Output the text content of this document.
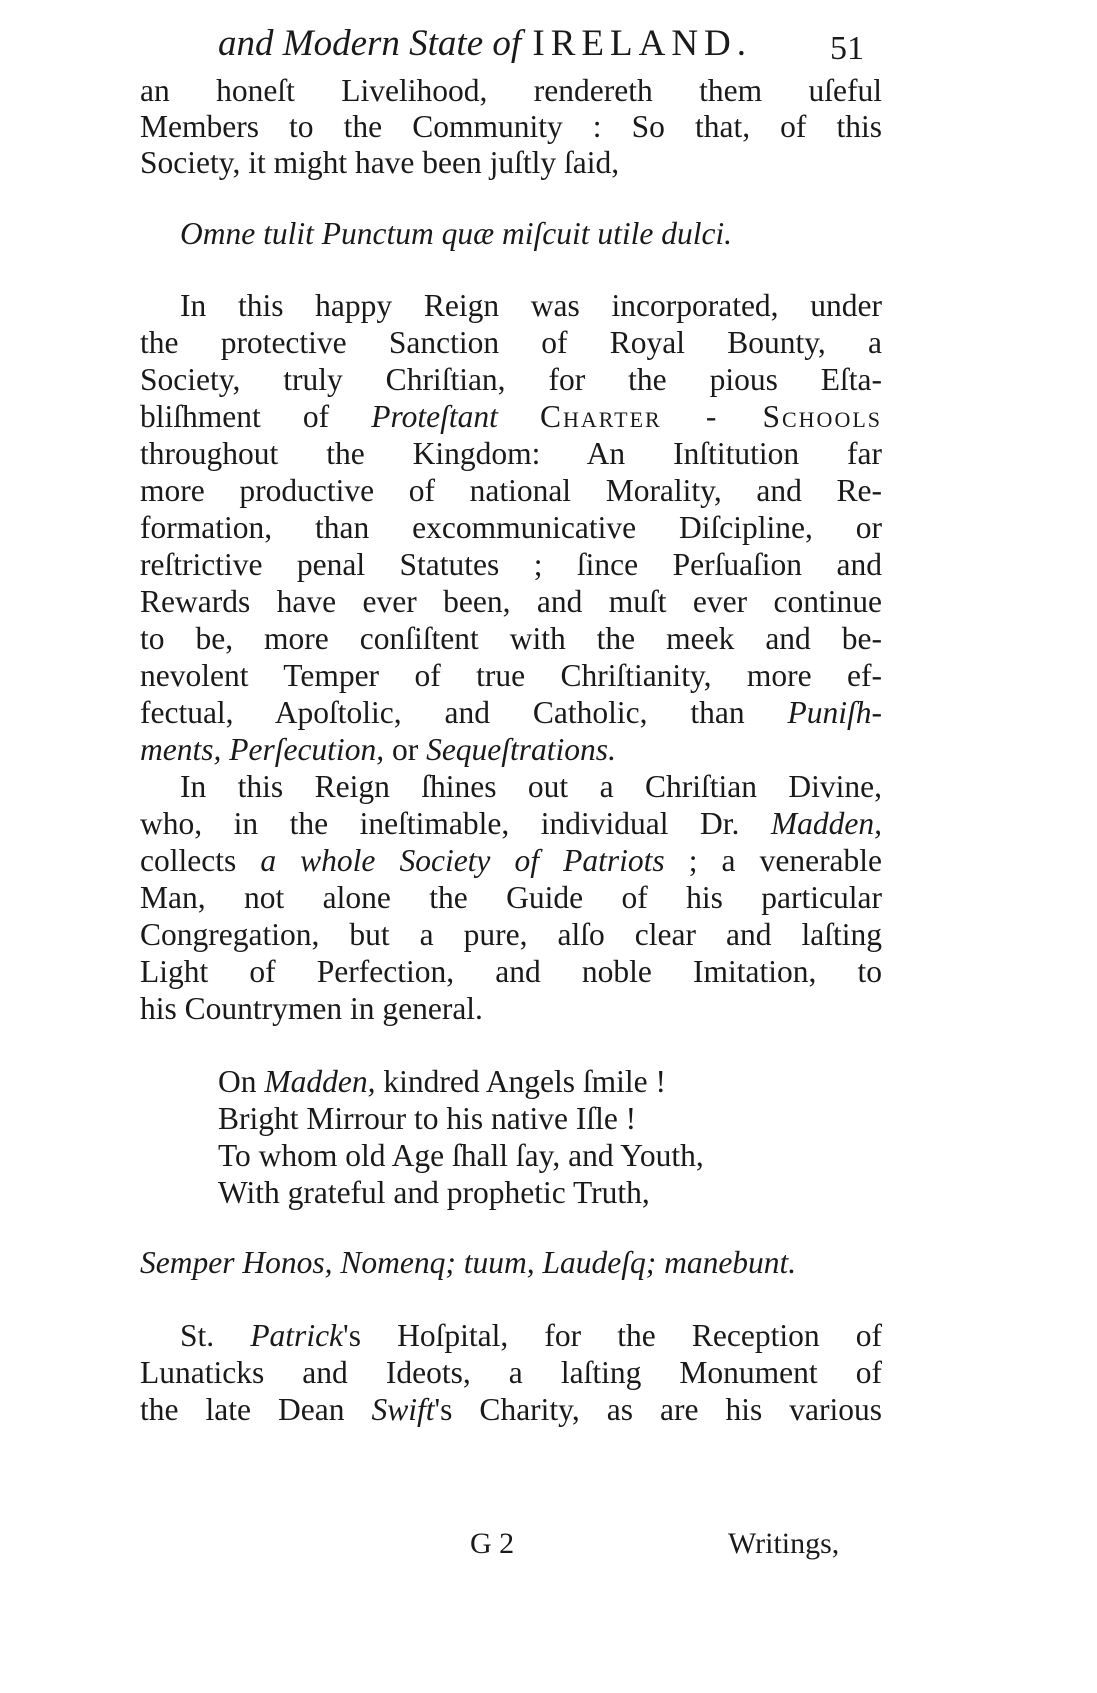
and Modern State of IRELAND.	51
an honeſt Livelihood, rendereth them uſeful
Members to the Community : So that, of this
Society, it might have been juſtly ſaid,
Omne tulit Punctum quæ miſcuit utile dulci.
In this happy Reign was incorporated, under
the protective Sanction of Royal Bounty, a
Society, truly Chriſtian, for the pious Eſta-
bliſhment of Proteſtant Charter - Schools
throughout the Kingdom: An Inſtitution far
more productive of national Morality, and Re-
formation, than excommunicative Diſcipline, or
reſtrictive penal Statutes ; ſince Perſuaſion and
Rewards have ever been, and muſt ever continue
to be, more conſiſtent with the meek and be-
nevolent Temper of true Chriſtianity, more ef-
fectual, Apoſtolic, and Catholic, than Puniſh-
ments, Perſecution, or Sequeſtrations.
In this Reign ſhines out a Chriſtian Divine,
who, in the ineſtimable, individual Dr. Madden,
collects a whole Society of Patriots ; a venerable
Man, not alone the Guide of his particular
Congregation, but a pure, alſo clear and laſting
Light of Perfection, and noble Imitation, to
his Countrymen in general.
On Madden, kindred Angels ſmile !
Bright Mirrour to his native Iſle !
To whom old Age ſhall ſay, and Youth,
With grateful and prophetic Truth,
Semper Honos, Nomenq; tuum, Laudeſq; manebunt.
St. Patrick's Hoſpital, for the Reception of
Lunaticks and Ideots, a laſting Monument of
the late Dean Swift's Charity, as are his various
G 2	Writings,
